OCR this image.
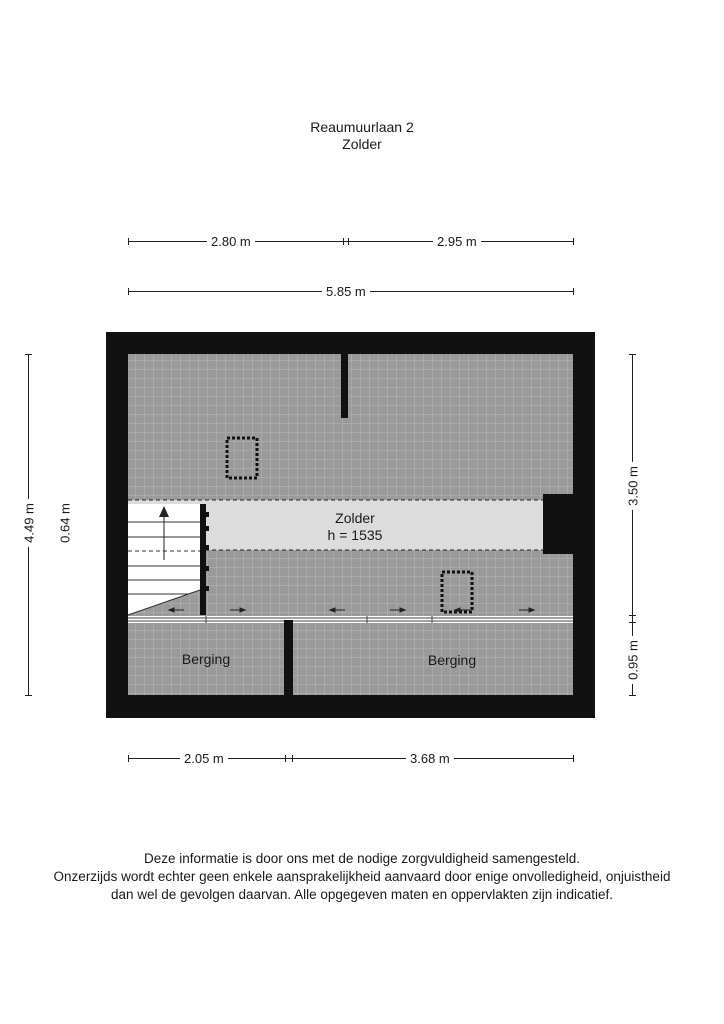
Reaumuurlaan 2
Zolder
2.80 m	2.95 m
5.85 m
4.49 m 0.64 m
3.50 m
0.95 m
2.05 m	3.68 m
Zolder
h = 1535
Berging	Berging
Deze informatie is door ons met de nodige zorgvuldigheid samengesteld.
Onzerzijds wordt echter geen enkele aansprakelijkheid aanvaard door enige onvolledigheid, onjuistheid
dan wel de gevolgen daarvan. Alle opgegeven maten en oppervlakten zijn indicatief.
